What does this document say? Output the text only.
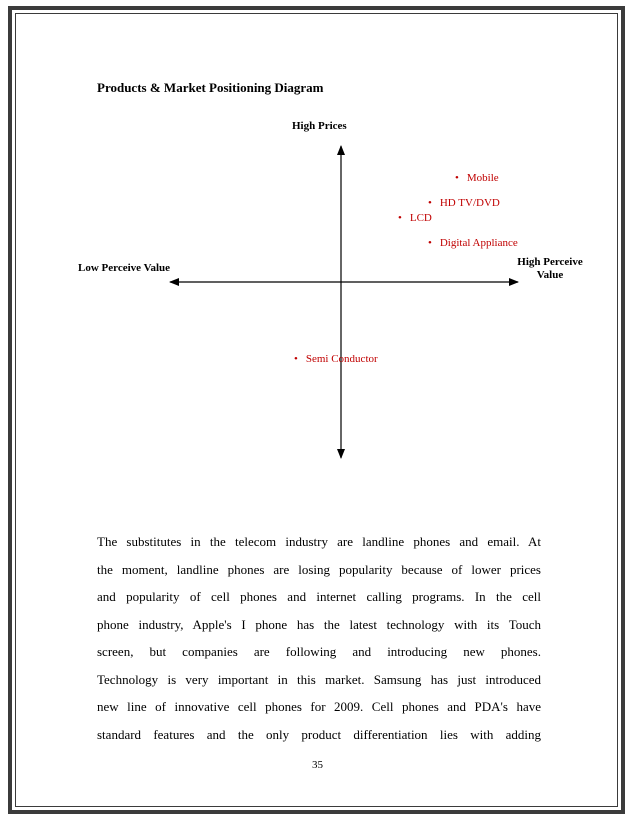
Products & Market Positioning Diagram
High Prices
Low Perceive Value	High Perceive
Value
• Mobile
• HD TV/DVD
• LCD
• Digital Appliance
• Semi Conductor
The substitutes in the telecom industry are landline phones and email. At
the moment, landline phones are losing popularity because of lower prices
and popularity of cell phones and internet calling programs. In the cell
phone industry, Apple's I phone has the latest technology with its Touch
screen, but companies are following and introducing new phones.
Technology is very important in this market. Samsung has just introduced
new line of innovative cell phones for 2009. Cell phones and PDA's have
standard features and the only product differentiation lies with adding
35
